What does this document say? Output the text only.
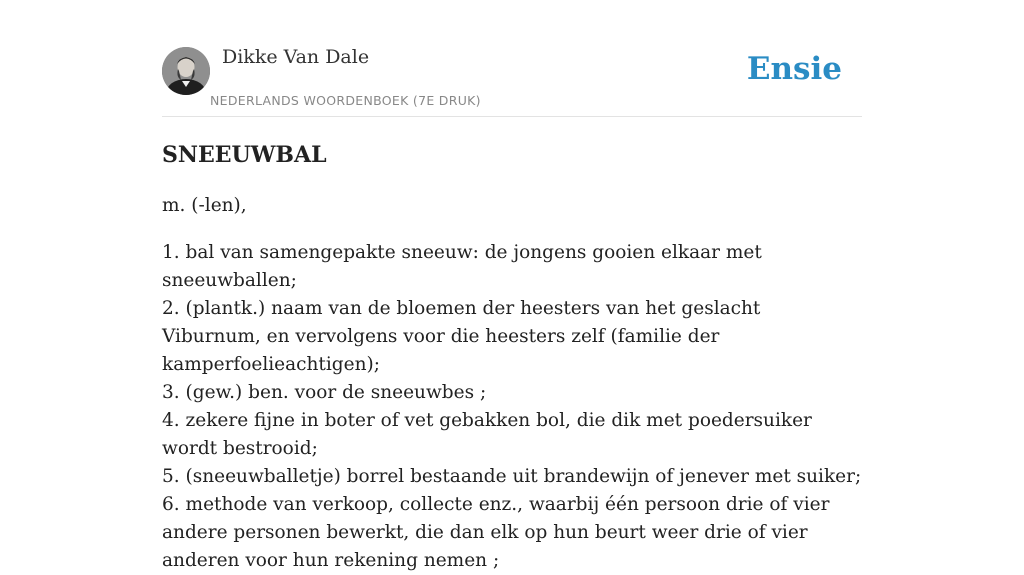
Dikke Van Dale
NEDERLANDS WOORDENBOEK (7E DRUK)
Ensie
SNEEUWBAL

m. (-len),

1. bal van samengepakte sneeuw: de jongens gooien elkaar met sneeuwballen;
2. (plantk.) naam van de bloemen der heesters van het geslacht Viburnum, en vervolgens voor die heesters zelf (familie der kamperfoelieachtigen);
3. (gew.) ben. voor de sneeuwbes ;
4. zekere fijne in boter of vet gebakken bol, die dik met poedersuiker wordt bestrooid;
5. (sneeuwballetje) borrel bestaande uit brandewijn of jenever met suiker;
6. methode van verkoop, collecte enz., waarbij één persoon drie of vier andere personen bewerkt, die dan elk op hun beurt weer drie of vier anderen voor hun rekening nemen ;
